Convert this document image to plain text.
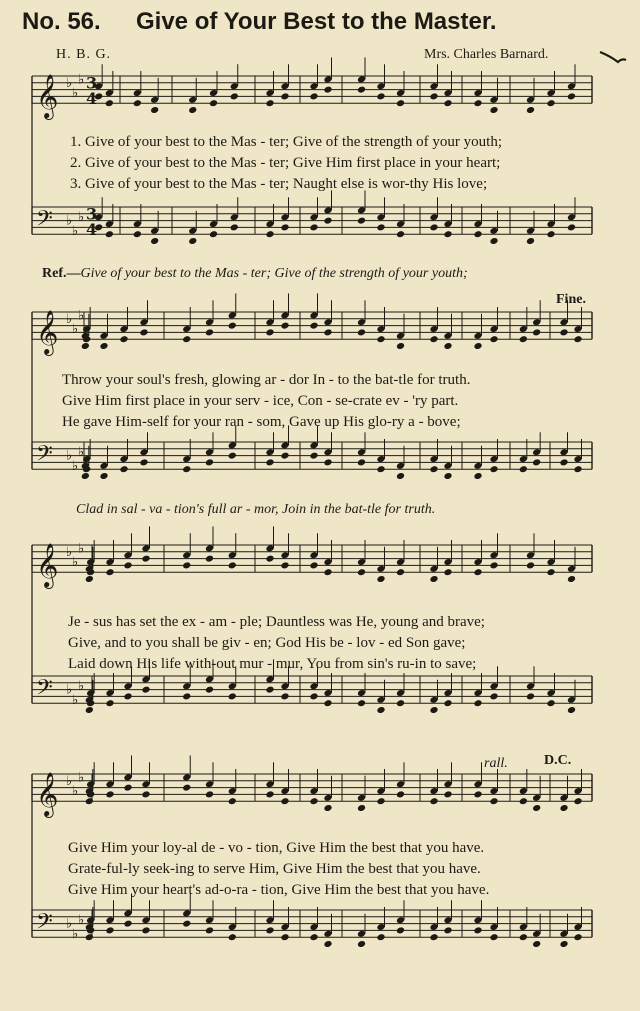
No. 56. Give of Your Best to the Master.
H. B. G.	Mrs. Charles Barnard.
𝄞 ♭
♭
♭
𝄢 ♭
♭
♭
𝄞 ♭
♭
♭
𝄢 ♭
♭
♭
𝄞 ♭
♭
♭
𝄢 ♭
♭
♭
𝄞 ♭
♭
♭
𝄢 ♭
♭
♭
3
4
3
4
1. Give of your best to the Mas - ter; Give of the strength of your youth;
2. Give of your best to the Mas - ter; Give Him first place in your heart;
3. Give of your best to the Mas - ter; Naught else is wor-thy His love;
Ref.—Give of your best to the Mas - ter; Give of the strength of your youth;
Fine.
Throw your soul's fresh, glowing ar - dor In - to the bat-tle for truth.
Give Him first place in your serv - ice, Con - se-crate ev - 'ry part.
He gave Him-self for your ran - som, Gave up His glo-ry a - bove;
Clad in sal - va - tion's full ar - mor, Join in the bat-tle for truth.
Je - sus has set the ex - am - ple; Dauntless was He, young and brave;
Give, and to you shall be giv - en; God His be - lov - ed Son gave;
Laid down His life with-out mur - mur, You from sin's ru-in to save;
rall.	D.C.
Give Him your loy-al de - vo - tion, Give Him the best that you have.
Grate-ful-ly seek-ing to serve Him, Give Him the best that you have.
Give Him your heart's ad-o-ra - tion, Give Him the best that you have.
